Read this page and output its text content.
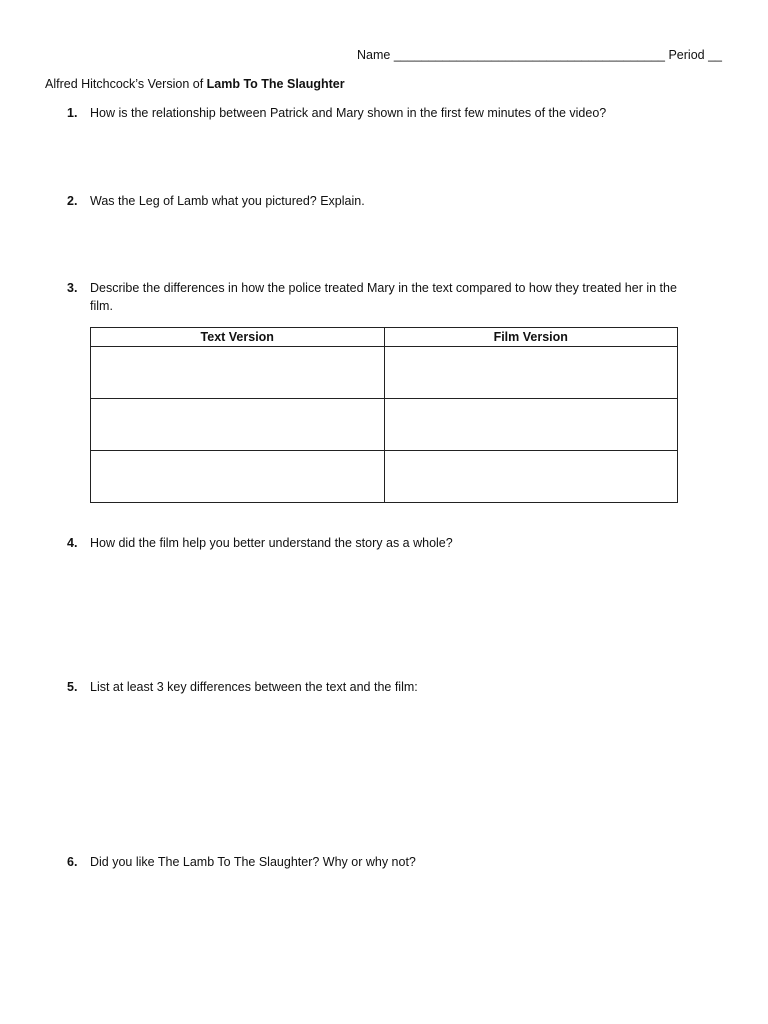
Name _______________________________________ Period __
Alfred Hitchcock’s Version of Lamb To The Slaughter
1.	How is the relationship between Patrick and Mary shown in the first few minutes of the video?
2.	Was the Leg of Lamb what you pictured? Explain.
3.	Describe the differences in how the police treated Mary in the text compared to how they treated her in the film.
Text Version	Film Version

4.	How did the film help you better understand the story as a whole?
5.	List at least 3 key differences between the text and the film:
6.	Did you like The Lamb To The Slaughter? Why or why not?
